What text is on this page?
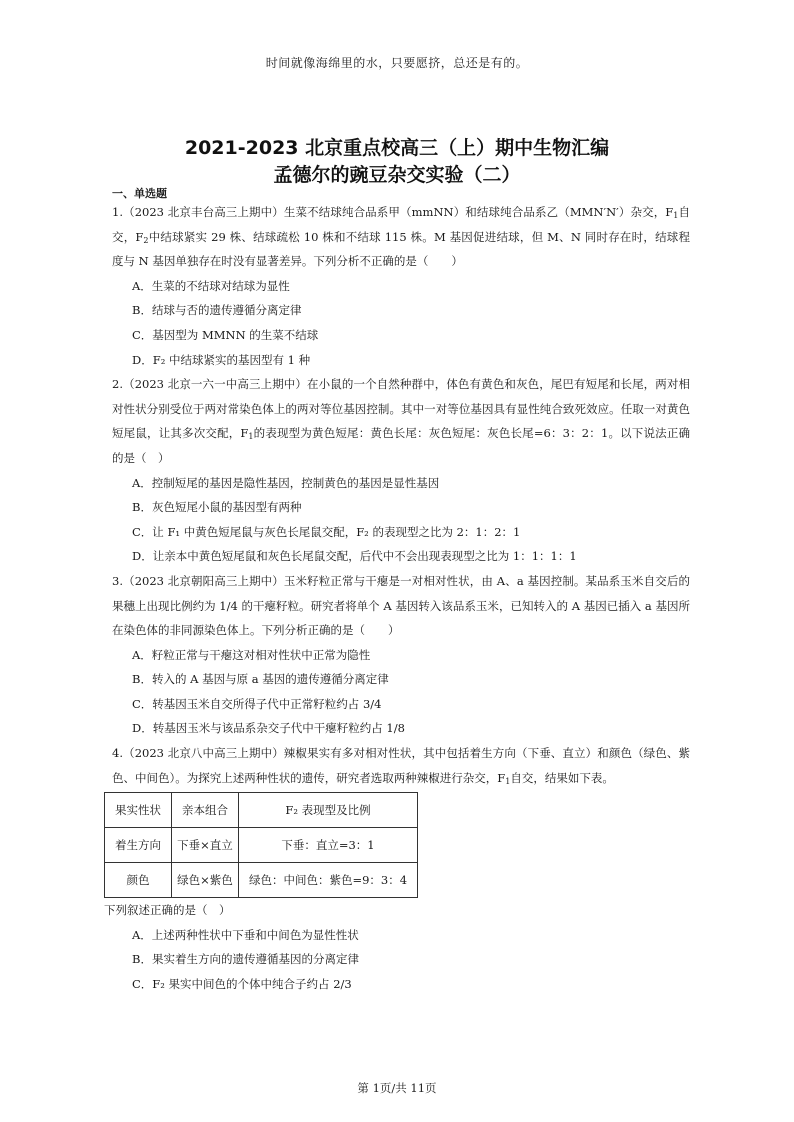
时间就像海绵里的水，只要愿挤，总还是有的。
2021-2023 北京重点校高三（上）期中生物汇编
孟德尔的豌豆杂交实验（二）
一、单选题

1.（2023 北京丰台高三上期中）生菜不结球纯合品系甲（mmNN）和结球纯合品系乙（MMN′N′）杂交，$F_1$自交，$F_2$中结球紧实 29 株、结球疏松 10 株和不结球 115 株。M 基因促进结球，但 M、N 同时存在时，结球程度与 N 基因单独存在时没有显著差异。下列分析不正确的是（　　）

A．生菜的不结球对结球为显性

B．结球与否的遗传遵循分离定律

C．基因型为 MMNN 的生菜不结球

D．F₂ 中结球紧实的基因型有 1 种

2.（2023 北京一六一中高三上期中）在小鼠的一个自然种群中，体色有黄色和灰色，尾巴有短尾和长尾，两对相对性状分别受位于两对常染色体上的两对等位基因控制。其中一对等位基因具有显性纯合致死效应。任取一对黄色短尾鼠，让其多次交配，$F_1$的表现型为黄色短尾：黄色长尾：灰色短尾：灰色长尾=6：3：2：1。以下说法正确的是（　）

A．控制短尾的基因是隐性基因，控制黄色的基因是显性基因

B．灰色短尾小鼠的基因型有两种

C．让 F₁ 中黄色短尾鼠与灰色长尾鼠交配，F₂ 的表现型之比为 2：1：2：1

D．让亲本中黄色短尾鼠和灰色长尾鼠交配，后代中不会出现表现型之比为 1：1：1：1

3.（2023 北京朝阳高三上期中）玉米籽粒正常与干瘪是一对相对性状，由 A、a 基因控制。某品系玉米自交后的果穗上出现比例约为 1/4 的干瘪籽粒。研究者将单个 A 基因转入该品系玉米，已知转入的 A 基因已插入 a 基因所在染色体的非同源染色体上。下列分析正确的是（　　）

A．籽粒正常与干瘪这对相对性状中正常为隐性

B．转入的 A 基因与原 a 基因的遗传遵循分离定律

C．转基因玉米自交所得子代中正常籽粒约占 3/4

D．转基因玉米与该品系杂交子代中干瘪籽粒约占 1/8

4.（2023 北京八中高三上期中）辣椒果实有多对相对性状，其中包括着生方向（下垂、直立）和颜色（绿色、紫色、中间色）。为探究上述两种性状的遗传，研究者选取两种辣椒进行杂交，$F_1$自交，结果如下表。

果实性状	亲本组合	F₂ 表现型及比例
着生方向	下垂×直立	下垂：直立=3：1
颜色	绿色×紫色	绿色：中间色：紫色=9：3：4

下列叙述正确的是（　）

A．上述两种性状中下垂和中间色为显性性状

B．果实着生方向的遗传遵循基因的分离定律

C．F₂ 果实中间色的个体中纯合子约占 2/3

第 1页/共 11页
